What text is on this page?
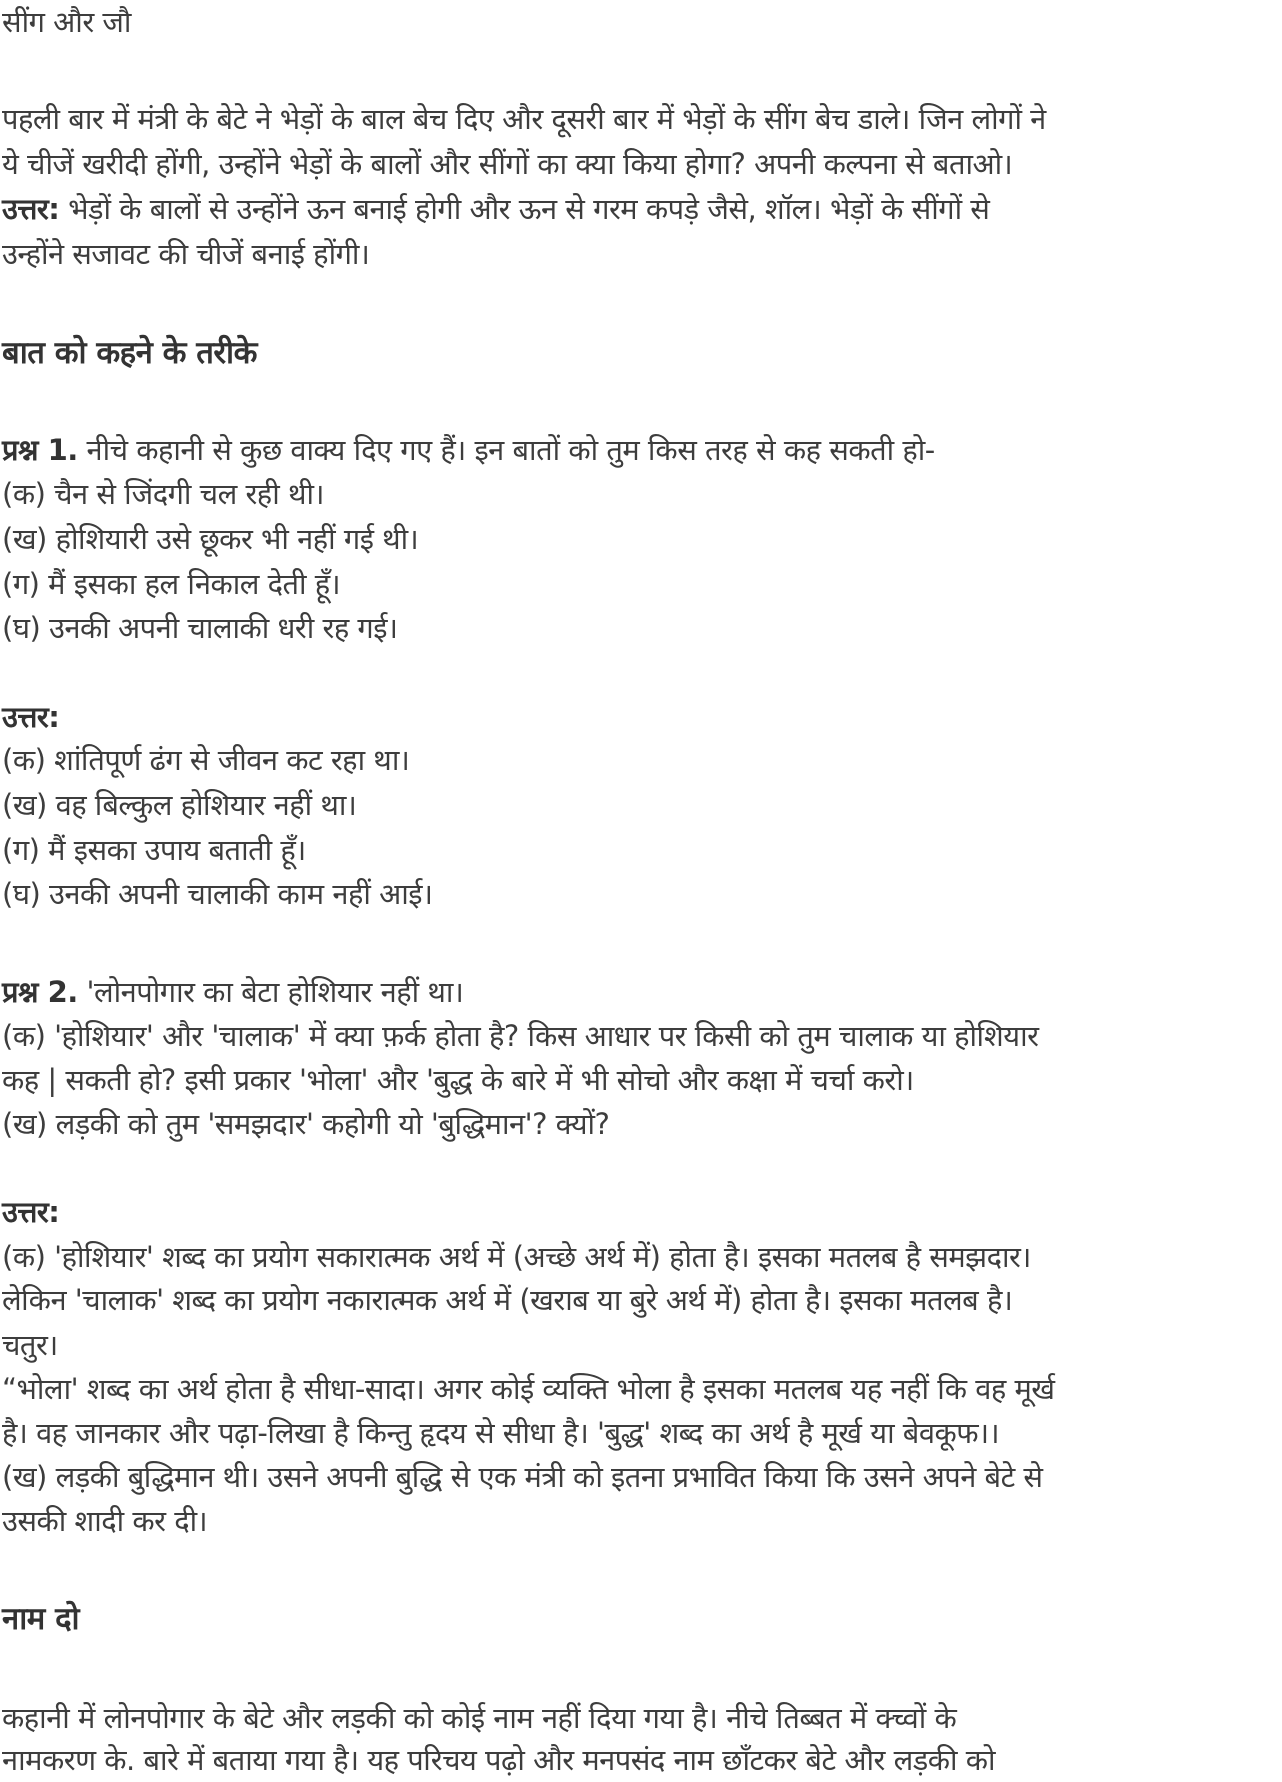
सींग और जौ
पहली बार में मंत्री के बेटे ने भेड़ों के बाल बेच दिए और दूसरी बार में भेड़ों के सींग बेच डाले। जिन लोगों ने
ये चीजें खरीदी होंगी, उन्होंने भेड़ों के बालों और सींगों का क्या किया होगा? अपनी कल्पना से बताओ।
उत्तर: भेड़ों के बालों से उन्होंने ऊन बनाई होगी और ऊन से गरम कपड़े जैसे, शॉल। भेड़ों के सींगों से
उन्होंने सजावट की चीजें बनाई होंगी।
बात को कहने के तरीके
प्रश्न 1. नीचे कहानी से कुछ वाक्य दिए गए हैं। इन बातों को तुम किस तरह से कह सकती हो-
(क) चैन से जिंदगी चल रही थी।
(ख) होशियारी उसे छूकर भी नहीं गई थी।
(ग) मैं इसका हल निकाल देती हूँ।
(घ) उनकी अपनी चालाकी धरी रह गई।
उत्तर:
(क) शांतिपूर्ण ढंग से जीवन कट रहा था।
(ख) वह बिल्कुल होशियार नहीं था।
(ग) मैं इसका उपाय बताती हूँ।
(घ) उनकी अपनी चालाकी काम नहीं आई।
प्रश्न 2. 'लोनपोगार का बेटा होशियार नहीं था।
(क) 'होशियार' और 'चालाक' में क्या फ़र्क होता है? किस आधार पर किसी को तुम चालाक या होशियार
कह | सकती हो? इसी प्रकार 'भोला' और 'बुद्ध के बारे में भी सोचो और कक्षा में चर्चा करो।
(ख) लड़की को तुम 'समझदार' कहोगी यो 'बुद्धिमान'? क्यों?
उत्तर:
(क) 'होशियार' शब्द का प्रयोग सकारात्मक अर्थ में (अच्छे अर्थ में) होता है। इसका मतलब है समझदार।
लेकिन 'चालाक' शब्द का प्रयोग नकारात्मक अर्थ में (खराब या बुरे अर्थ में) होता है। इसका मतलब है।
चतुर।
“भोला' शब्द का अर्थ होता है सीधा-सादा। अगर कोई व्यक्ति भोला है इसका मतलब यह नहीं कि वह मूर्ख
है। वह जानकार और पढ़ा-लिखा है किन्तु हृदय से सीधा है। 'बुद्ध' शब्द का अर्थ है मूर्ख या बेवकूफ।।
(ख) लड़की बुद्धिमान थी। उसने अपनी बुद्धि से एक मंत्री को इतना प्रभावित किया कि उसने अपने बेटे से
उसकी शादी कर दी।
नाम दो
कहानी में लोनपोगार के बेटे और लड़की को कोई नाम नहीं दिया गया है। नीचे तिब्बत में क्च्वों के
नामकरण के. बारे में बताया गया है। यह परिचय पढ़ो और मनपसंद नाम छाँटकर बेटे और लड़की को
